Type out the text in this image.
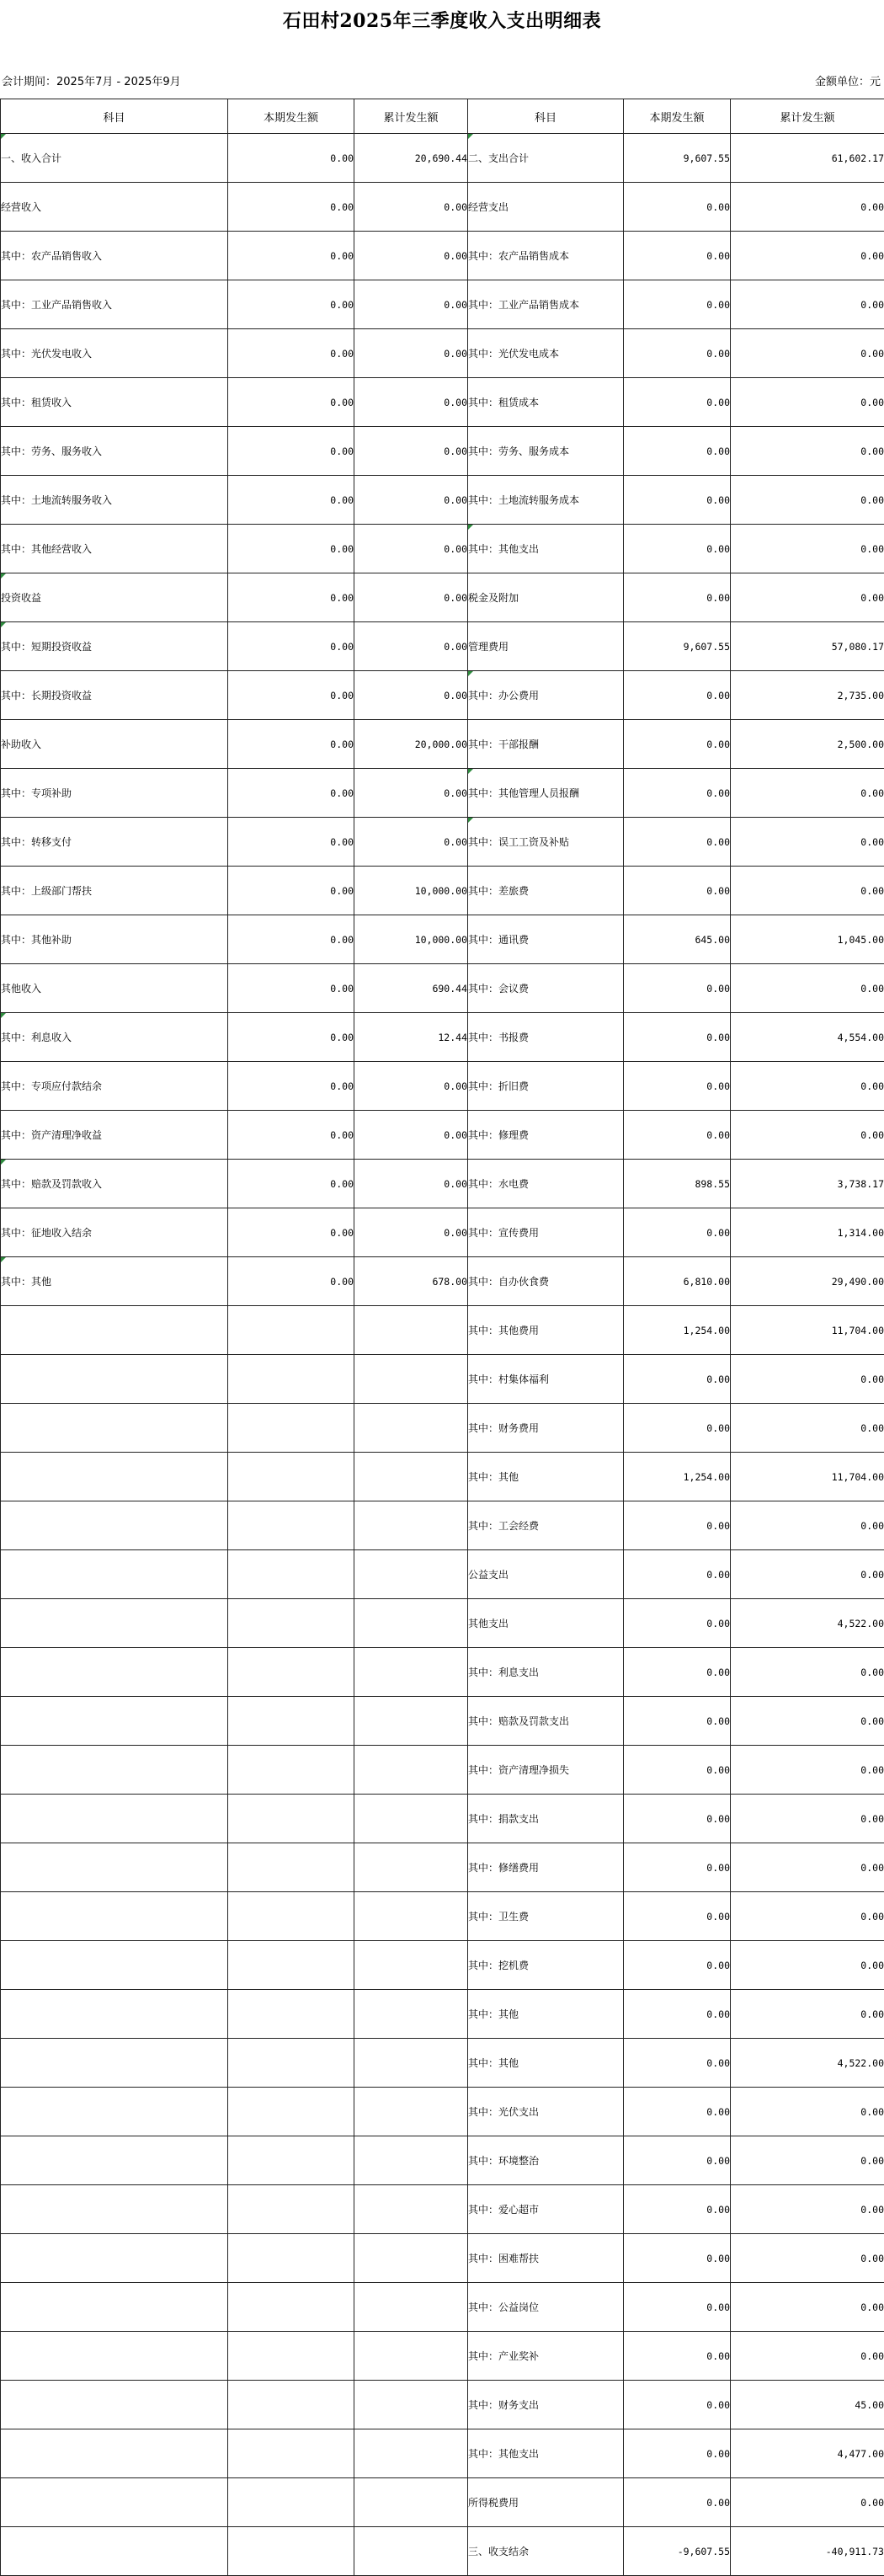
石田村2025年三季度收入支出明细表
会计期间：2025年7月 - 2025年9月	金额单位：元
科目	本期发生额	累计发生额	科目	本期发生额	累计发生额
一、收入合计	0.00	20,690.44	二、支出合计	9,607.55	61,602.17
经营收入	0.00	0.00	经营支出	0.00	0.00
其中：农产品销售收入	0.00	0.00	其中：农产品销售成本	0.00	0.00
其中：工业产品销售收入	0.00	0.00	其中：工业产品销售成本	0.00	0.00
其中：光伏发电收入	0.00	0.00	其中：光伏发电成本	0.00	0.00
其中：租赁收入	0.00	0.00	其中：租赁成本	0.00	0.00
其中：劳务、服务收入	0.00	0.00	其中：劳务、服务成本	0.00	0.00
其中：土地流转服务收入	0.00	0.00	其中：土地流转服务成本	0.00	0.00
其中：其他经营收入	0.00	0.00	其中：其他支出	0.00	0.00
投资收益	0.00	0.00	税金及附加	0.00	0.00
其中：短期投资收益	0.00	0.00	管理费用	9,607.55	57,080.17
其中：长期投资收益	0.00	0.00	其中：办公费用	0.00	2,735.00
补助收入	0.00	20,000.00	其中：干部报酬	0.00	2,500.00
其中：专项补助	0.00	0.00	其中：其他管理人员报酬	0.00	0.00
其中：转移支付	0.00	0.00	其中：误工工资及补贴	0.00	0.00
其中：上级部门帮扶	0.00	10,000.00	其中：差旅费	0.00	0.00
其中：其他补助	0.00	10,000.00	其中：通讯费	645.00	1,045.00
其他收入	0.00	690.44	其中：会议费	0.00	0.00
其中：利息收入	0.00	12.44	其中：书报费	0.00	4,554.00
其中：专项应付款结余	0.00	0.00	其中：折旧费	0.00	0.00
其中：资产清理净收益	0.00	0.00	其中：修理费	0.00	0.00
其中：赔款及罚款收入	0.00	0.00	其中：水电费	898.55	3,738.17
其中：征地收入结余	0.00	0.00	其中：宣传费用	0.00	1,314.00
其中：其他	0.00	678.00	其中：自办伙食费	6,810.00	29,490.00
			其中：其他费用	1,254.00	11,704.00
			其中：村集体福利	0.00	0.00
			其中：财务费用	0.00	0.00
			其中：其他	1,254.00	11,704.00
			其中：工会经费	0.00	0.00
			公益支出	0.00	0.00
			其他支出	0.00	4,522.00
			其中：利息支出	0.00	0.00
			其中：赔款及罚款支出	0.00	0.00
			其中：资产清理净损失	0.00	0.00
			其中：捐款支出	0.00	0.00
			其中：修缮费用	0.00	0.00
			其中：卫生费	0.00	0.00
			其中：挖机费	0.00	0.00
			其中：其他	0.00	0.00
			其中：其他	0.00	4,522.00
			其中：光伏支出	0.00	0.00
			其中：环境整治	0.00	0.00
			其中：爱心超市	0.00	0.00
			其中：困难帮扶	0.00	0.00
			其中：公益岗位	0.00	0.00
			其中：产业奖补	0.00	0.00
			其中：财务支出	0.00	45.00
			其中：其他支出	0.00	4,477.00
			所得税费用	0.00	0.00
			三、收支结余	-9,607.55	-40,911.73
